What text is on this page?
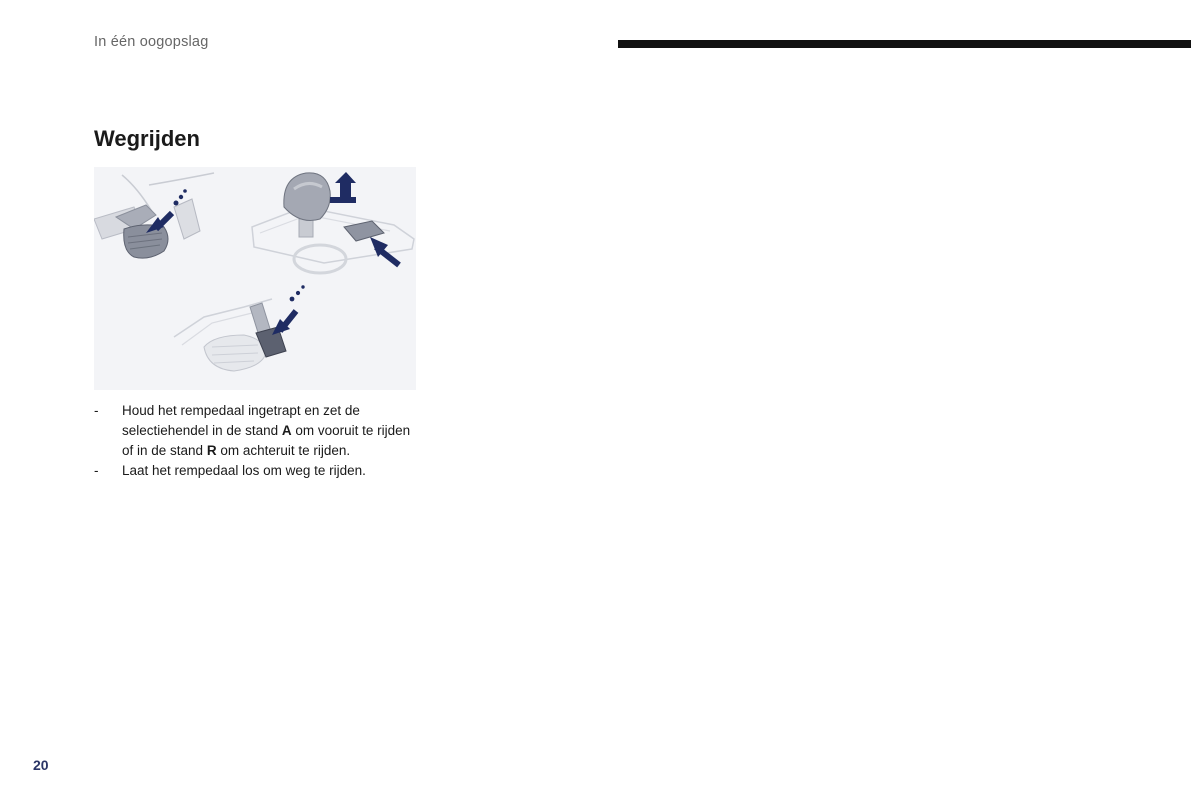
In één oogopslag
Wegrijden
- Houd het rempedaal ingetrapt en zet de selectiehendel in de stand A om vooruit te rijden of in de stand R om achteruit te rijden.
- Laat het rempedaal los om weg te rijden.
20
